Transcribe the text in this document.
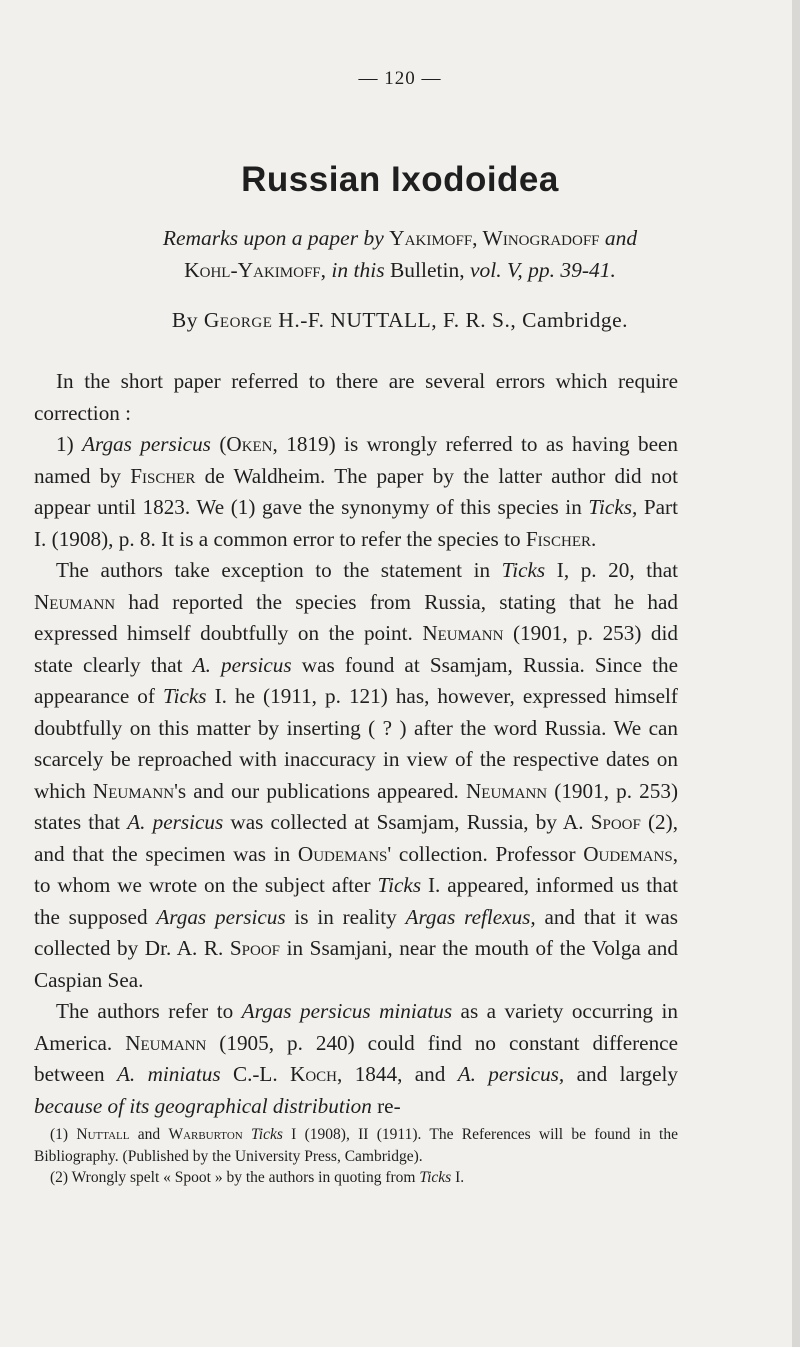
— 120 —
Russian Ixodoidea
Remarks upon a paper by Yakimoff, Winogradoff and
Kohl-Yakimoff, in this Bulletin, vol. V, pp. 39-41.
By George H.-F. NUTTALL, F. R. S., Cambridge.

In the short paper referred to there are several errors which require correction :

1) Argas persicus (Oken, 1819) is wrongly referred to as having been named by Fischer de Waldheim. The paper by the latter author did not appear until 1823. We (1) gave the synonymy of this species in Ticks, Part I. (1908), p. 8. It is a common error to refer the species to Fischer.

The authors take exception to the statement in Ticks I, p. 20, that Neumann had reported the species from Russia, stating that he had expressed himself doubtfully on the point. Neumann (1901, p. 253) did state clearly that A. persicus was found at Ssamjam, Russia. Since the appearance of Ticks I. he (1911, p. 121) has, however, expressed himself doubtfully on this matter by inserting ( ? ) after the word Russia. We can scarcely be reproached with inaccuracy in view of the respective dates on which Neumann's and our publications appeared. Neumann (1901, p. 253) states that A. persicus was collected at Ssamjam, Russia, by A. Spoof (2), and that the specimen was in Oudemans' collection. Professor Oudemans, to whom we wrote on the subject after Ticks I. appeared, informed us that the supposed Argas persicus is in reality Argas reflexus, and that it was collected by Dr. A. R. Spoof in Ssamjani, near the mouth of the Volga and Caspian Sea.

The authors refer to Argas persicus miniatus as a variety occurring in America. Neumann (1905, p. 240) could find no constant difference between A. miniatus C.-L. Koch, 1844, and A. persicus, and largely because of its geographical distribution re-

(1) Nuttall and Warburton Ticks I (1908), II (1911). The References will be found in the Bibliography. (Published by the University Press, Cambridge).

(2) Wrongly spelt « Spoot » by the authors in quoting from Ticks I.
